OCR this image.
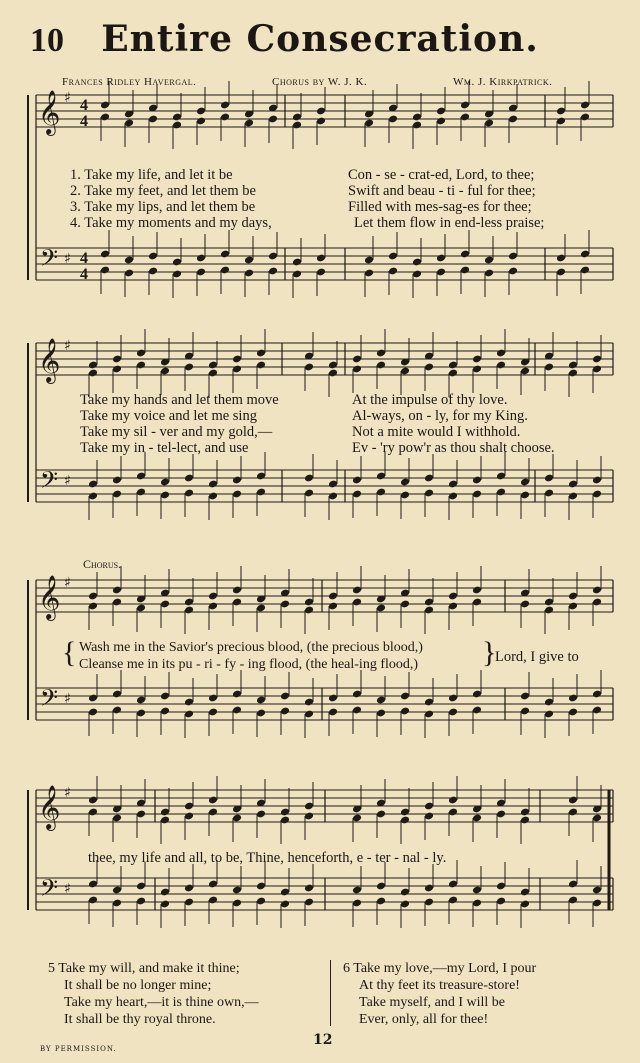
10	Entire Consecration.
Frances Ridley Havergal.	Chorus by W. J. K.	Wm. J. Kirkpatrick.
𝄞
𝄢
♯
♯
4
4
4
4
𝄞
𝄢
♯
♯
𝄞
𝄢
♯
♯
𝄞
𝄢
♯
♯
1. Take my life, and let it be	Con - se - crat-ed, Lord, to thee;
2. Take my feet, and let them be	Swift and beau - ti - ful for thee;
3. Take my lips, and let them be	Filled with mes-sag-es for thee;
4. Take my moments and my days,	Let them flow in end-less praise;
Take my hands and let them move	At the impulse of thy love.
Take my voice and let me sing	Al-ways, on - ly, for my King.
Take my sil - ver and my gold,—	Not a mite would I withhold.
Take my in - tel-lect, and use	Ev - 'ry pow'r as thou shalt choose.
Chorus.
{ Wash me in the Savior's precious blood, (the precious blood,)
Cleanse me in its pu - ri - fy - ing flood, (the heal-ing flood,) }
Lord, I give to
thee, my life and all, to be, Thine, henceforth, e - ter - nal - ly.
5 Take my will, and make it thine;
It shall be no longer mine;
Take my heart,—it is thine own,—
It shall be thy royal throne.
6 Take my love,—my Lord, I pour
At thy feet its treasure-store!
Take myself, and I will be
Ever, only, all for thee!
BY PERMISSION.
12
